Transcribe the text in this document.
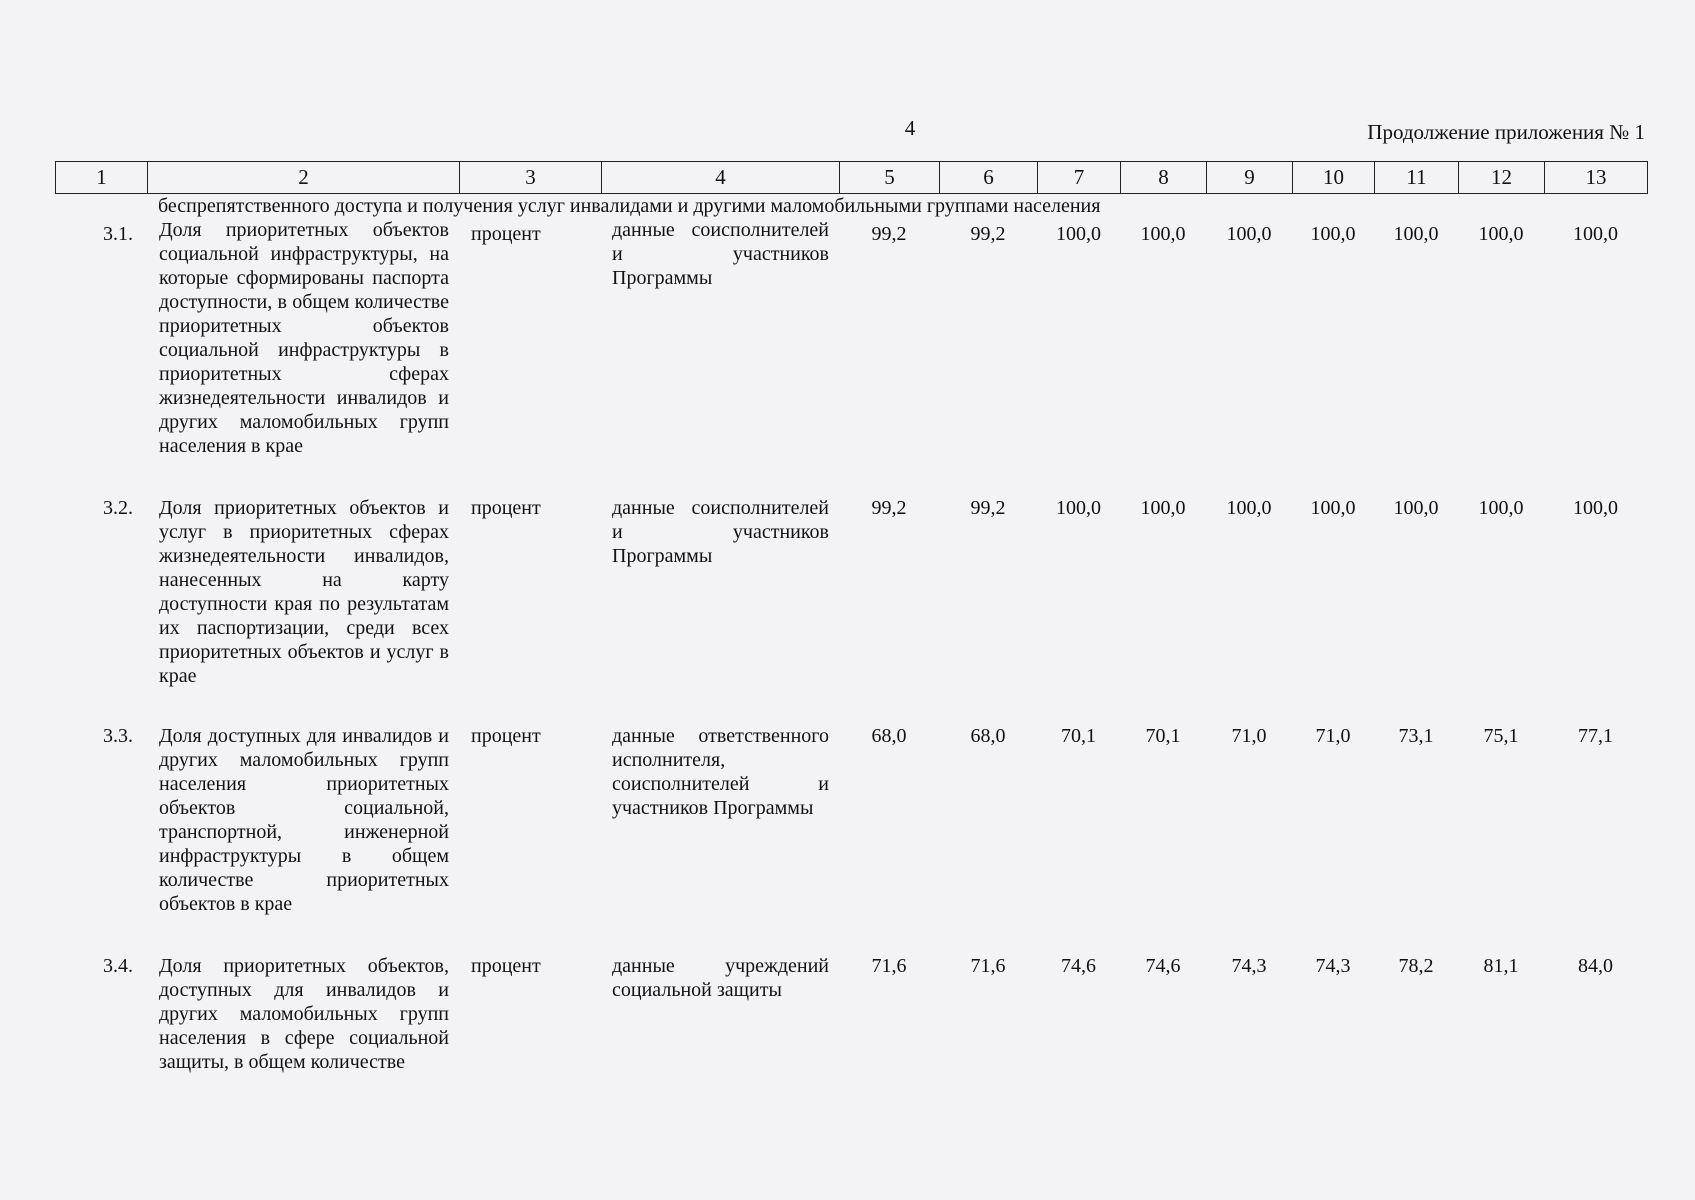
4	Продолжение приложения № 1
1	2	3	4	5	6	7	8	9	10	11	12	13
беспрепятственного доступа и получения услуг инвалидами и другими маломобильными группами населения
3.1.	Доля приоритетных объектов социальной инфраструктуры, на которые сформированы паспорта доступности, в общем количестве приоритетных объектов социальной инфраструктуры в приоритетных сферах жизнедеятельности инвалидов и других маломобильных групп населения в крае	процент	данные соисполнителей и участников Программы	99,2	99,2	100,0	100,0	100,0	100,0	100,0	100,0	100,0
3.2.	Доля приоритетных объектов и услуг в приоритетных сферах жизнедеятельности инвалидов, нанесенных на карту доступности края по результатам их паспортизации, среди всех приоритетных объектов и услуг в крае	процент	данные соисполнителей и участников Программы	99,2	99,2	100,0	100,0	100,0	100,0	100,0	100,0	100,0
3.3.	Доля доступных для инвалидов и других маломобильных групп населения приоритетных объектов социальной, транспортной, инженерной инфраструктуры в общем количестве приоритетных объектов в крае	процент	данные ответственного исполнителя, соисполнителей и участников Программы	68,0	68,0	70,1	70,1	71,0	71,0	73,1	75,1	77,1
3.4.	Доля приоритетных объектов, доступных для инвалидов и других маломобильных групп населения в сфере социальной защиты, в общем количестве	процент	данные учреждений социальной защиты	71,6	71,6	74,6	74,6	74,3	74,3	78,2	81,1	84,0
